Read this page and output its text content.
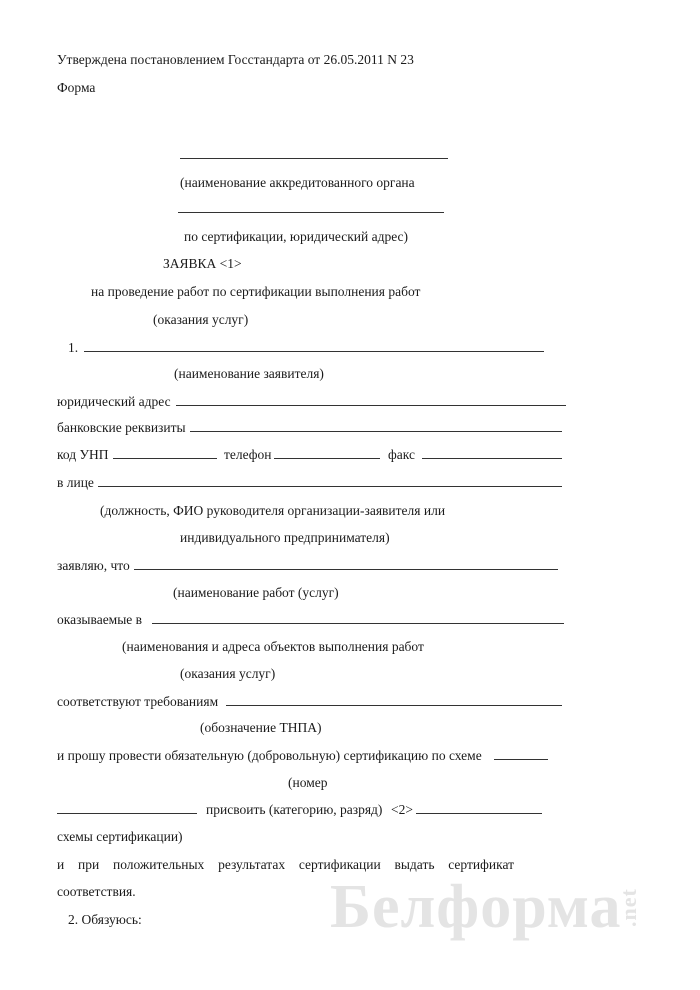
Утверждена постановлением Госстандарта от 26.05.2011 N 23
Форма
(наименование аккредитованного органа
по сертификации, юридический адрес)
ЗАЯВКА <1>
на проведение работ по сертификации выполнения работ
(оказания услуг)
1.
(наименование заявителя)
юридический адрес
банковские реквизиты
код УНП	телефон	факс
в лице
(должность, ФИО руководителя организации-заявителя или
индивидуального предпринимателя)
заявляю, что
(наименование работ (услуг)
оказываемые в
(наименования и адреса объектов выполнения работ
(оказания услуг)
соответствуют требованиям
(обозначение ТНПА)
и прошу провести обязательную (добровольную) сертификацию по схеме
(номер
присвоить (категорию, разряд) <2>
схемы сертификации)
Белформа.net
и при положительных результатах сертификации выдать сертификат
соответствия.
2. Обязуюсь:
